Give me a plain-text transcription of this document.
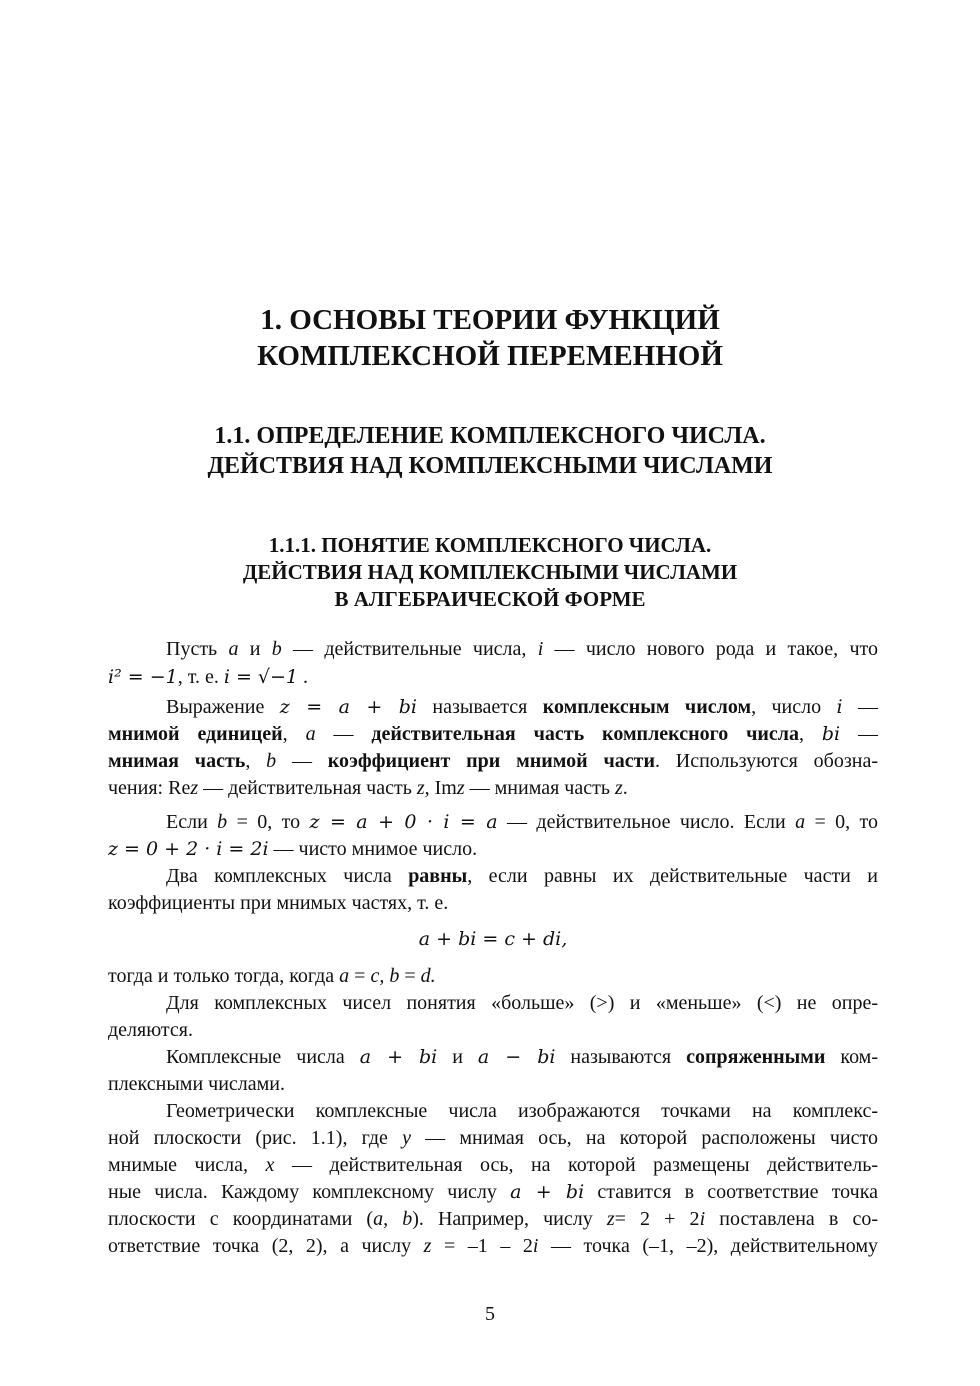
1. ОСНОВЫ ТЕОРИИ ФУНКЦИЙ
КОМПЛЕКСНОЙ ПЕРЕМЕННОЙ
1.1. ОПРЕДЕЛЕНИЕ КОМПЛЕКСНОГО ЧИСЛА.
ДЕЙСТВИЯ НАД КОМПЛЕКСНЫМИ ЧИСЛАМИ
1.1.1. ПОНЯТИЕ КОМПЛЕКСНОГО ЧИСЛА.
ДЕЙСТВИЯ НАД КОМПЛЕКСНЫМИ ЧИСЛАМИ
В АЛГЕБРАИЧЕСКОЙ ФОРМЕ
Пусть a и b — действительные числа, i — число нового рода и такое, что
i² = −1, т. е. i = √−1 .
Выражение z = a + bi называется комплексным числом, число i —
мнимой единицей, a — действительная часть комплексного числа, bi —
мнимая часть, b — коэффициент при мнимой части. Используются обозна-
чения: Rez — действительная часть z, Imz — мнимая часть z.
Если b = 0, то z = a + 0 · i = a — действительное число. Если a = 0, то
z = 0 + 2 · i = 2i — чисто мнимое число.
Два комплексных числа равны, если равны их действительные части и
коэффициенты при мнимых частях, т. е.
a + bi = c + di,
тогда и только тогда, когда a = c, b = d.
Для комплексных чисел понятия «больше» (>) и «меньше» (<) не опре-
деляются.
Комплексные числа a + bi и a − bi называются сопряженными ком-
плексными числами.
Геометрически комплексные числа изображаются точками на комплекс-
ной плоскости (рис. 1.1), где y — мнимая ось, на которой расположены чисто
мнимые числа, x — действительная ось, на которой размещены действитель-
ные числа. Каждому комплексному числу a + bi ставится в соответствие точка
плоскости с координатами (a, b). Например, числу z= 2 + 2i поставлена в со-
ответствие точка (2, 2), а числу z = –1 – 2i — точка (–1, –2), действительному
5
